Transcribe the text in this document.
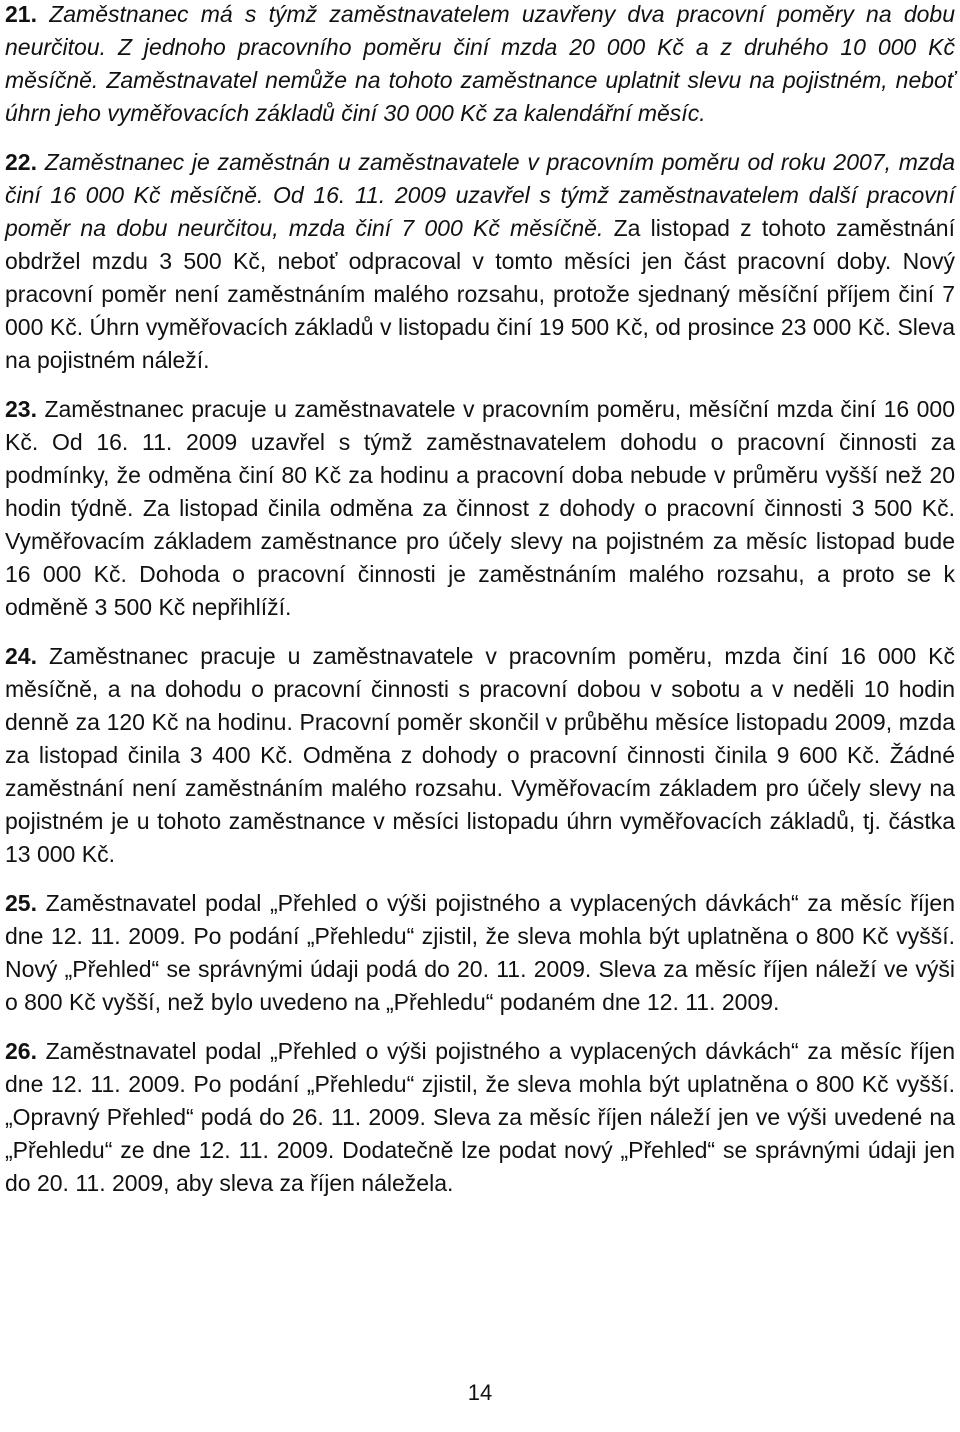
21. Zaměstnanec má s týmž zaměstnavatelem uzavřeny dva pracovní poměry na dobu neurčitou. Z jednoho pracovního poměru činí mzda 20 000 Kč a z druhého 10 000 Kč měsíčně. Zaměstnavatel nemůže na tohoto zaměstnance uplatnit slevu na pojistném, neboť úhrn jeho vyměřovacích základů činí 30 000 Kč za kalendářní měsíc.

22. Zaměstnanec je zaměstnán u zaměstnavatele v pracovním poměru od roku 2007, mzda činí 16 000 Kč měsíčně. Od 16. 11. 2009 uzavřel s týmž zaměstnavatelem další pracovní poměr na dobu neurčitou, mzda činí 7 000 Kč měsíčně. Za listopad z tohoto zaměstnání obdržel mzdu 3 500 Kč, neboť odpracoval v tomto měsíci jen část pracovní doby. Nový pracovní poměr není zaměstnáním malého rozsahu, protože sjednaný měsíční příjem činí 7 000 Kč. Úhrn vyměřovacích základů v listopadu činí 19 500 Kč, od prosince 23 000 Kč. Sleva na pojistném náleží.

23. Zaměstnanec pracuje u zaměstnavatele v pracovním poměru, měsíční mzda činí 16 000 Kč. Od 16. 11. 2009 uzavřel s týmž zaměstnavatelem dohodu o pracovní činnosti za podmínky, že odměna činí 80 Kč za hodinu a pracovní doba nebude v průměru vyšší než 20 hodin týdně. Za listopad činila odměna za činnost z dohody o pracovní činnosti 3 500 Kč. Vyměřovacím základem zaměstnance pro účely slevy na pojistném za měsíc listopad bude 16 000 Kč. Dohoda o pracovní činnosti je zaměstnáním malého rozsahu, a proto se k odměně 3 500 Kč nepřihlíží.

24. Zaměstnanec pracuje u zaměstnavatele v pracovním poměru, mzda činí 16 000 Kč měsíčně, a na dohodu o pracovní činnosti s pracovní dobou v sobotu a v neděli 10 hodin denně za 120 Kč na hodinu. Pracovní poměr skončil v průběhu měsíce listopadu 2009, mzda za listopad činila 3 400 Kč. Odměna z dohody o pracovní činnosti činila 9 600 Kč. Žádné zaměstnání není zaměstnáním malého rozsahu. Vyměřovacím základem pro účely slevy na pojistném je u tohoto zaměstnance v měsíci listopadu úhrn vyměřovacích základů, tj. částka 13 000 Kč.

25. Zaměstnavatel podal „Přehled o výši pojistného a vyplacených dávkách“ za měsíc říjen dne 12. 11. 2009. Po podání „Přehledu“ zjistil, že sleva mohla být uplatněna o 800 Kč vyšší. Nový „Přehled“ se správnými údaji podá do 20. 11. 2009. Sleva za měsíc říjen náleží ve výši o 800 Kč vyšší, než bylo uvedeno na „Přehledu“ podaném dne 12. 11. 2009.

26. Zaměstnavatel podal „Přehled o výši pojistného a vyplacených dávkách“ za měsíc říjen dne 12. 11. 2009. Po podání „Přehledu“ zjistil, že sleva mohla být uplatněna o 800 Kč vyšší. „Opravný Přehled“ podá do 26. 11. 2009. Sleva za měsíc říjen náleží jen ve výši uvedené na „Přehledu“ ze dne 12. 11. 2009. Dodatečně lze podat nový „Přehled“ se správnými údaji jen do 20. 11. 2009, aby sleva za říjen náležela.

14
